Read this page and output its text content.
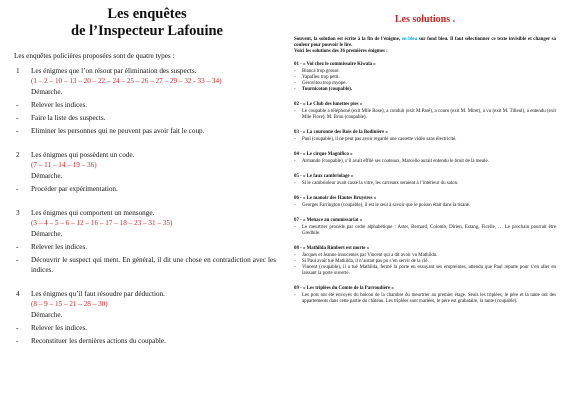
Les enquêtes
de l’Inspecteur Lafouine
Les enquêtes policières proposées sont de quatre types :
1 Les énigmes que l’on résout par élimination des suspects.
(1 – 2 – 10 – 13 – 20 – 22 – 24 – 25 – 26 – 27 – 29 – 32 - 33 – 34)
Démarche.
- Relever les indices.
- Faire la liste des suspects.
- Eliminer les personnes qui ne peuvent pas avoir fait le coup.
2 Les énigmes qui possèdent un code.
(7 – 11 – 14 – 19 – 36)
Démarche.
- Procéder par expérimentation.
3 Les énigmes qui comportent un mensonge.
(3 – 4 – 5 – 6 – 12 – 16 – 17 – 18 – 23 – 31 – 35)
Démarche.
- Relever les indices.
- Découvrir le suspect qui ment. En général, il dit une chose en contradiction avec les indices.
4 Les énigmes qu’il faut résoudre par déduction.
(8 – 9 – 15 – 21 – 28 – 30)
Démarche.
- Relever les indices.
- Reconstituer les dernières actions du coupable.
Les solutions .
Souvent, la solution est écrite à la fin de l’énigme, en bleu sur fond bleu. Il faut sélectionner ce texte invisible et changer sa couleur pour pouvoir le lire.
Voici les solutions des 36 premières énigmes :
01 - « Vol chez le commissaire Kiwala »
- Blanca trop grosse.
- Yapafleu trop petit.
- Gérovitou trop myope.
- Tournicoton (coupable).
02 - « Le Club des lunettes pies »
- Le coupable a téléphoné (exit Mlle Rose), a conduit (exit M.Paré), a couru (exit M. Miret), a vu (exit M. Tilleul), a entendu (exit Mlle Flore), M. Brun (coupable).
03 - « La couronne des Rois de la Bodinière »
- Paul (coupable), il ne peut pas avoir regardé une cassette vidéo sans électricité.
04 - « Le cirque Magnifico »
- Armando (coupable), s’il avait effilé ses couteaux, Marcello aurait entendu le bruit de la meule.
05 - « Le faux cambriolage »
- Si le cambrioleur avait cassé la vitre, les carreaux seraient à l’intérieur du salon.
06 - « Le manoir des Hautes Bruyères »
- Georges Farrington (coupable), il est le seul à savoir que le poison était dans la tisane.
07 - « Menace au commissariat »
- Le meurtrier procède par ordre alphabétique : Aster, Bernard, Colomb, Dirien, Estang, Ficelle, … Le prochain pourrait être Gredhile.
08 - « Mathilda Rimbert est morte »
- Jacques et Jeanne innocentes par Vincent qui a dit avoir vu Mathilda.
- Si Paul avait tué Mathilda, il n’aurait pas pu s’en servir de la clé.
- Vincent (coupable), il a tué Mathilda, fermé la porte en essuyant ses empreintes, attendu que Paul reparte pour s’en aller en laissant la porte ouverte.
09 - « Les triplées du Comte de la Parroudière »
- Les pots ont été envoyés du balcon de la chambre du meurtrier au premier étage. Seuls les triplées, le père et la tante ont des appartements dans cette partie du château. Les triplées sont mariées, le père est grabataire, la tante (coupable).
